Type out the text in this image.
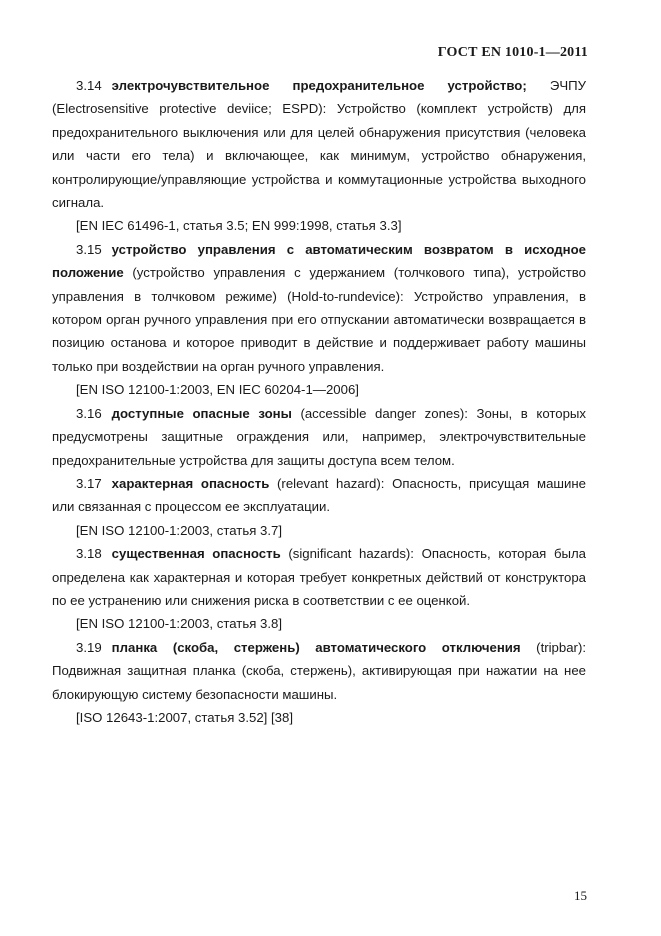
ГОСТ EN 1010-1—2011

3.14 электрочувствительное предохранительное устройство; ЭЧПУ (Electrosensitive protective deviice; ESPD): Устройство (комплект устройств) для предохранительного выключения или для целей обнаружения присутствия (человека или части его тела) и включающее, как минимум, устройство обнаружения, контролирующие/управляющие устройства и коммутационные устройства выходного сигнала.

[EN IEC 61496-1, статья 3.5; EN 999:1998, статья 3.3]

3.15 устройство управления с автоматическим возвратом в исходное положение (устройство управления с удержанием (толчкового типа), устройство управления в толчковом режиме) (Hold-to-rundevice): Устройство управления, в котором орган ручного управления при его отпускании автоматически возвращается в позицию останова и которое приводит в действие и поддерживает работу машины только при воздействии на орган ручного управления.

[EN ISO 12100-1:2003, EN IEC 60204-1—2006]

3.16 доступные опасные зоны (accessible danger zones): Зоны, в которых предусмотрены защитные ограждения или, например, электрочувствительные предохранительные устройства для защиты доступа всем телом.

3.17 характерная опасность (relevant hazard): Опасность, присущая машине или связанная с процессом ее эксплуатации.

[EN ISO 12100-1:2003, статья 3.7]

3.18 существенная опасность (significant hazards): Опасность, которая была определена как характерная и которая требует конкретных действий от конструктора по ее устранению или снижения риска в соответствии с ее оценкой.

[EN ISO 12100-1:2003, статья 3.8]

3.19 планка (скоба, стержень) автоматического отключения (tripbar): Подвижная защитная планка (скоба, стержень), активирующая при нажатии на нее блокирующую систему безопасности машины.

[ISO 12643-1:2007, статья 3.52] [38]

15
